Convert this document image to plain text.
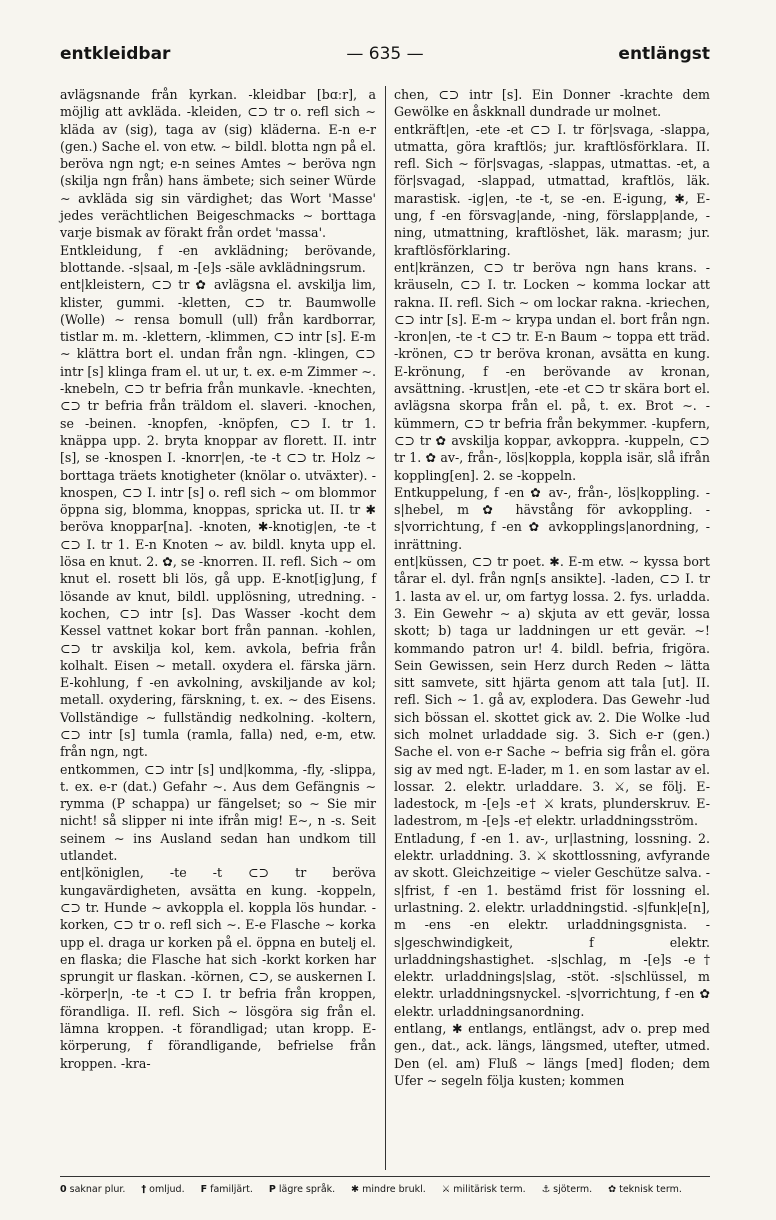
entkleidbar	— 635 —	entlängst

avlägsnande från kyrkan. -kleidbar [bɑːr], a möjlig att avkläda. -kleiden, ⊂⊃ tr o. refl sich ∼ kläda av (sig), taga av (sig) kläderna. E-n e-r (gen.) Sache el. von etw. ∼ bildl. blotta ngn på el. beröva ngn ngt; e-n seines Amtes ∼ beröva ngn (skilja ngn från) hans ämbete; sich seiner Würde ∼ avkläda sig sin värdighet; das Wort 'Masse' jedes verächtlichen Beigeschmacks ∼ borttaga varje bismak av förakt från ordet 'massa'.

Entkleidung, f -en avklädning; berövande, blottande. -s|saal, m -[e]s -säle avklädningsrum.

ent|kleistern, ⊂⊃ tr ✿ avlägsna el. avskilja lim, klister, gummi. -kletten, ⊂⊃ tr. Baumwolle (Wolle) ∼ rensa bomull (ull) från kardborrar, tistlar m. m. -klettern, -klimmen, ⊂⊃ intr [s]. E-m ∼ klättra bort el. undan från ngn. -klingen, ⊂⊃ intr [s] klinga fram el. ut ur, t. ex. e-m Zimmer ∼. -knebeln, ⊂⊃ tr befria från munkavle. -knechten, ⊂⊃ tr befria från träldom el. slaveri. -knochen, se -beinen. -knopfen, -knöpfen, ⊂⊃ I. tr 1. knäppa upp. 2. bryta knoppar av florett. II. intr [s], se -knospen I. -knorr|en, -te -t ⊂⊃ tr. Holz ∼ borttaga träets knotigheter (knölar o. utväxter). -knospen, ⊂⊃ I. intr [s] o. refl sich ∼ om blommor öppna sig, blomma, knoppas, spricka ut. II. tr ✱ beröva knoppar[na]. -knoten, ✱-knotig|en, -te -t ⊂⊃ I. tr 1. E-n Knoten ∼ av. bildl. knyta upp el. lösa en knut. 2. ✿, se -knorren. II. refl. Sich ∼ om knut el. rosett bli lös, gå upp. E-knot[ig]ung, f lösande av knut, bildl. upplösning, utredning. -kochen, ⊂⊃ intr [s]. Das Wasser -kocht dem Kessel vattnet kokar bort från pannan. -kohlen, ⊂⊃ tr avskilja kol, kem. avkola, befria från kolhalt. Eisen ∼ metall. oxydera el. färska järn. E-kohlung, f -en avkolning, avskiljande av kol; metall. oxydering, färskning, t. ex. ∼ des Eisens. Vollständige ∼ fullständig nedkolning. -koltern, ⊂⊃ intr [s] tumla (ramla, falla) ned, e-m, etw. från ngn, ngt.

entkommen, ⊂⊃ intr [s] und|komma, -fly, -slippa, t. ex. e-r (dat.) Gefahr ∼. Aus dem Gefängnis ∼ rymma (P schappa) ur fängelset; so ∼ Sie mir nicht! så slipper ni inte ifrån mig! E∼, n -s. Seit seinem ∼ ins Ausland sedan han undkom till utlandet.

ent|königlen, -te -t ⊂⊃ tr beröva kungavärdigheten, avsätta en kung. -koppeln, ⊂⊃ tr. Hunde ∼ avkoppla el. koppla lös hundar. -korken, ⊂⊃ tr o. refl sich ∼. E-e Flasche ∼ korka upp el. draga ur korken på el. öppna en butelj el. en flaska; die Flasche hat sich -korkt korken har sprungit ur flaskan. -körnen, ⊂⊃, se auskernen I. -körper|n, -te -t ⊂⊃ I. tr befria från kroppen, förandliga. II. refl. Sich ∼ lösgöra sig från el. lämna kroppen. -t förandligad; utan kropp. E-körperung, f förandligande, befrielse från kroppen. -kra-

chen, ⊂⊃ intr [s]. Ein Donner -krachte dem Gewölke en åskknall dundrade ur molnet.

entkräft|en, -ete -et ⊂⊃ I. tr för|svaga, -slappa, utmatta, göra kraftlös; jur. kraftlösförklara. II. refl. Sich ∼ för|svagas, -slappas, utmattas. -et, a för|svagad, -slappad, utmattad, kraftlös, läk. marastisk. -ig|en, -te -t, se -en. E-igung, ✱, E-ung, f -en försvag|ande, -ning, förslapp|ande, -ning, utmattning, kraftlöshet, läk. marasm; jur. kraftlösförklaring.

ent|kränzen, ⊂⊃ tr beröva ngn hans krans. -kräuseln, ⊂⊃ I. tr. Locken ∼ komma lockar att rakna. II. refl. Sich ∼ om lockar rakna. -kriechen, ⊂⊃ intr [s]. E-m ∼ krypa undan el. bort från ngn. -kron|en, -te -t ⊂⊃ tr. E-n Baum ∼ toppa ett träd. -krönen, ⊂⊃ tr beröva kronan, avsätta en kung. E-krönung, f -en berövande av kronan, avsättning. -krust|en, -ete -et ⊂⊃ tr skära bort el. avlägsna skorpa från el. på, t. ex. Brot ∼. -kümmern, ⊂⊃ tr befria från bekymmer. -kupfern, ⊂⊃ tr ✿ avskilja koppar, avkoppra. -kuppeln, ⊂⊃ tr 1. ✿ av-, från-, lös|koppla, koppla isär, slå ifrån koppling[en]. 2. se -koppeln.

Entkuppelung, f -en ✿ av-, från-, lös|koppling. -s|hebel, m ✿ hävstång för avkoppling. -s|vorrichtung, f -en ✿ avkopplings|anordning, -inrättning.

ent|küssen, ⊂⊃ tr poet. ✱. E-m etw. ∼ kyssa bort tårar el. dyl. från ngn[s ansikte]. -laden, ⊂⊃ I. tr 1. lasta av el. ur, om fartyg lossa. 2. fys. urladda. 3. Ein Gewehr ∼ a) skjuta av ett gevär, lossa skott; b) taga ur laddningen ur ett gevär. ∼! kommando patron ur! 4. bildl. befria, frigöra. Sein Gewissen, sein Herz durch Reden ∼ lätta sitt samvete, sitt hjärta genom att tala [ut]. II. refl. Sich ∼ 1. gå av, explodera. Das Gewehr -lud sich bössan el. skottet gick av. 2. Die Wolke -lud sich molnet urladdade sig. 3. Sich e-r (gen.) Sache el. von e-r Sache ∼ befria sig från el. göra sig av med ngt. E-lader, m 1. en som lastar av el. lossar. 2. elektr. urladdare. 3. ⚔, se följ. E-ladestock, m -[e]s -e† ⚔ krats, plunderskruv. E-ladestrom, m -[e]s -e† elektr. urladdningsström.

Entladung, f -en 1. av-, ur|lastning, lossning. 2. elektr. urladdning. 3. ⚔ skottlossning, avfyrande av skott. Gleichzeitige ∼ vieler Geschütze salva. -s|frist, f -en 1. bestämd frist för lossning el. urlastning. 2. elektr. urladdningstid. -s|funk|e[n], m -ens -en elektr. urladdningsgnista. -s|geschwindigkeit, f elektr. urladdningshastighet. -s|schlag, m -[e]s -e† elektr. urladdnings|slag, -stöt. -s|schlüssel, m elektr. urladdningsnyckel. -s|vorrichtung, f -en ✿ elektr. urladdningsanordning.

entlang, ✱ entlangs, entlängst, adv o. prep med gen., dat., ack. längs, längsmed, utefter, utmed. Den (el. am) Fluß ∼ längs [med] floden; dem Ufer ∼ segeln följa kusten; kommen

0 saknar plur. † omljud. F familjärt. P lägre språk. ✱ mindre brukl. ⚔ militärisk term. ⚓ sjöterm. ✿ teknisk term.
